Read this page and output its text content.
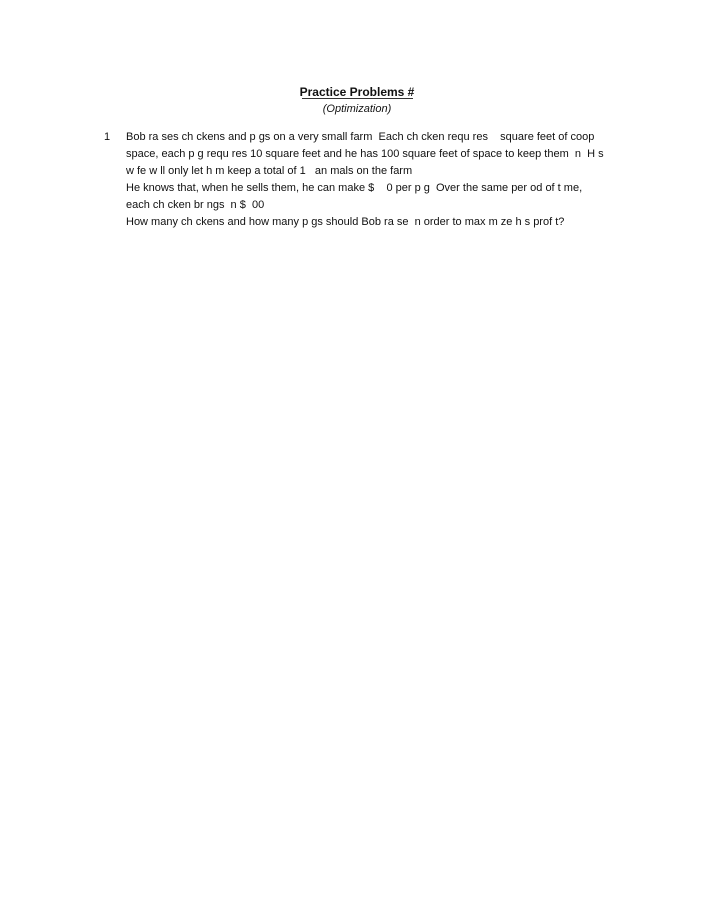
Practice Problems #
(Optimization)
1 Bob ra ses ch ckens and p gs on a very small farm  Each ch cken requ res    square feet of coop
space, each p g requ res 10 square feet and he has 100 square feet of space to keep them  n  H s
w fe w ll only let h m keep a total of 1   an mals on the farm
He knows that, when he sells them, he can make $    0 per p g  Over the same per od of t me,
each ch cken br ngs  n $  00
How many ch ckens and how many p gs should Bob ra se  n order to max m ze h s prof t?
